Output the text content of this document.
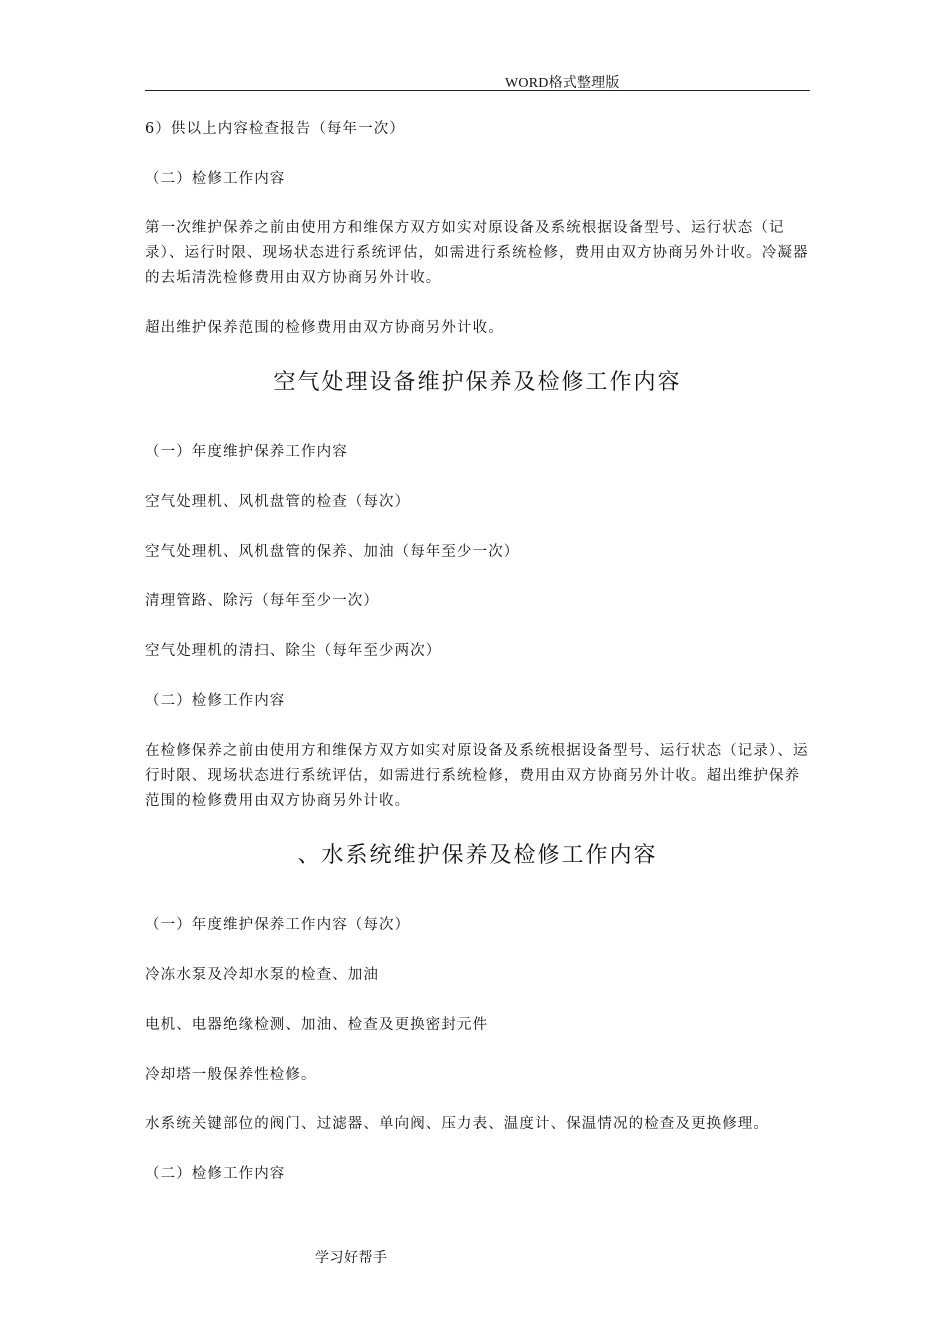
WORD格式整理版
6）供以上内容检查报告（每年一次）
（二）检修工作内容
第一次维护保养之前由使用方和维保方双方如实对原设备及系统根据设备型号、运行状态（记录）、运行时限、现场状态进行系统评估，如需进行系统检修，费用由双方协商另外计收。冷凝器的去垢清洗检修费用由双方协商另外计收。
超出维护保养范围的检修费用由双方协商另外计收。
空气处理设备维护保养及检修工作内容
（一）年度维护保养工作内容
空气处理机、风机盘管的检查（每次）
空气处理机、风机盘管的保养、加油（每年至少一次）
清理管路、除污（每年至少一次）
空气处理机的清扫、除尘（每年至少两次）
（二）检修工作内容
在检修保养之前由使用方和维保方双方如实对原设备及系统根据设备型号、运行状态（记录）、运行时限、现场状态进行系统评估，如需进行系统检修，费用由双方协商另外计收。超出维护保养范围的检修费用由双方协商另外计收。
、水系统维护保养及检修工作内容
（一）年度维护保养工作内容（每次）
冷冻水泵及冷却水泵的检查、加油
电机、电器绝缘检测、加油、检查及更换密封元件
冷却塔一般保养性检修。
水系统关键部位的阀门、过滤器、单向阀、压力表、温度计、保温情况的检查及更换修理。
（二）检修工作内容
学习好帮手
